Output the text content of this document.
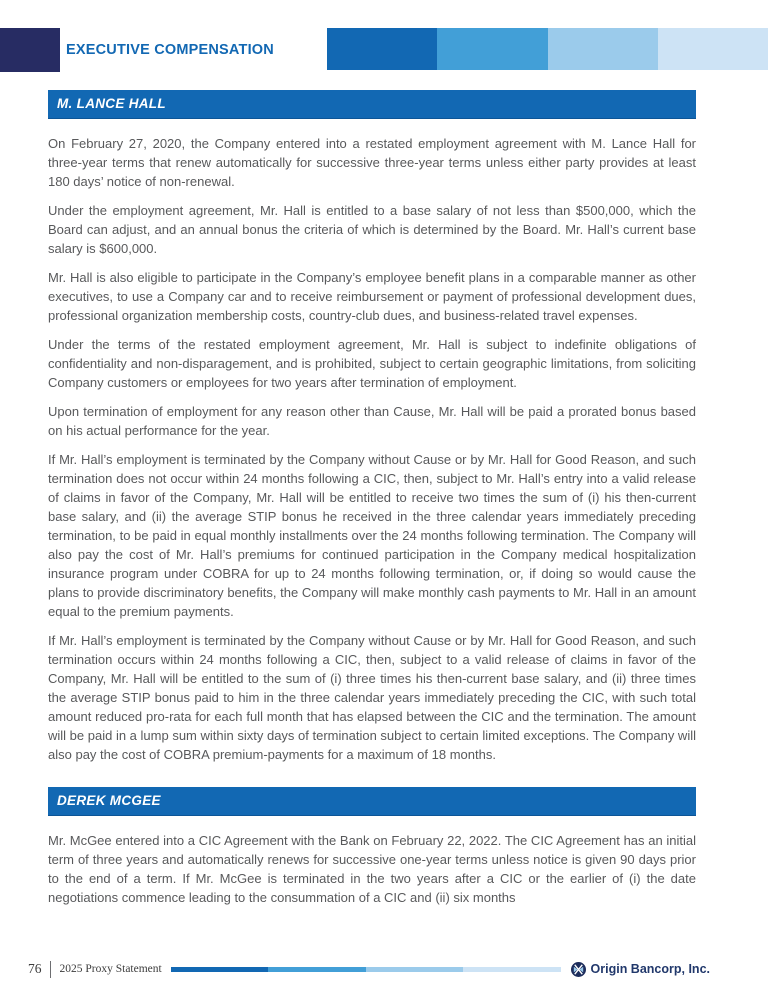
EXECUTIVE COMPENSATION
M. LANCE HALL

On February 27, 2020, the Company entered into a restated employment agreement with M. Lance Hall for three-year terms that renew automatically for successive three-year terms unless either party provides at least 180 days’ notice of non-renewal.

Under the employment agreement, Mr. Hall is entitled to a base salary of not less than $500,000, which the Board can adjust, and an annual bonus the criteria of which is determined by the Board. Mr. Hall’s current base salary is $600,000.

Mr. Hall is also eligible to participate in the Company’s employee benefit plans in a comparable manner as other executives, to use a Company car and to receive reimbursement or payment of professional development dues, professional organization membership costs, country-club dues, and business-related travel expenses.

Under the terms of the restated employment agreement, Mr. Hall is subject to indefinite obligations of confidentiality and non-disparagement, and is prohibited, subject to certain geographic limitations, from soliciting Company customers or employees for two years after termination of employment.

Upon termination of employment for any reason other than Cause, Mr. Hall will be paid a prorated bonus based on his actual performance for the year.

If Mr. Hall’s employment is terminated by the Company without Cause or by Mr. Hall for Good Reason, and such termination does not occur within 24 months following a CIC, then, subject to Mr. Hall’s entry into a valid release of claims in favor of the Company, Mr. Hall will be entitled to receive two times the sum of (i) his then-current base salary, and (ii) the average STIP bonus he received in the three calendar years immediately preceding termination, to be paid in equal monthly installments over the 24 months following termination. The Company will also pay the cost of Mr. Hall’s premiums for continued participation in the Company medical hospitalization insurance program under COBRA for up to 24 months following termination, or, if doing so would cause the plans to provide discriminatory benefits, the Company will make monthly cash payments to Mr. Hall in an amount equal to the premium payments.

If Mr. Hall’s employment is terminated by the Company without Cause or by Mr. Hall for Good Reason, and such termination occurs within 24 months following a CIC, then, subject to a valid release of claims in favor of the Company, Mr. Hall will be entitled to the sum of (i) three times his then-current base salary, and (ii) three times the average STIP bonus paid to him in the three calendar years immediately preceding the CIC, with such total amount reduced pro-rata for each full month that has elapsed between the CIC and the termination. The amount will be paid in a lump sum within sixty days of termination subject to certain limited exceptions. The Company will also pay the cost of COBRA premium-payments for a maximum of 18 months.

DEREK MCGEE

Mr. McGee entered into a CIC Agreement with the Bank on February 22, 2022. The CIC Agreement has an initial term of three years and automatically renews for successive one-year terms unless notice is given 90 days prior to the end of a term. If Mr. McGee is terminated in the two years after a CIC or the earlier of (i) the date negotiations commence leading to the consummation of a CIC and (ii) six months

76 2025 Proxy Statement	Origin Bancorp, Inc.
